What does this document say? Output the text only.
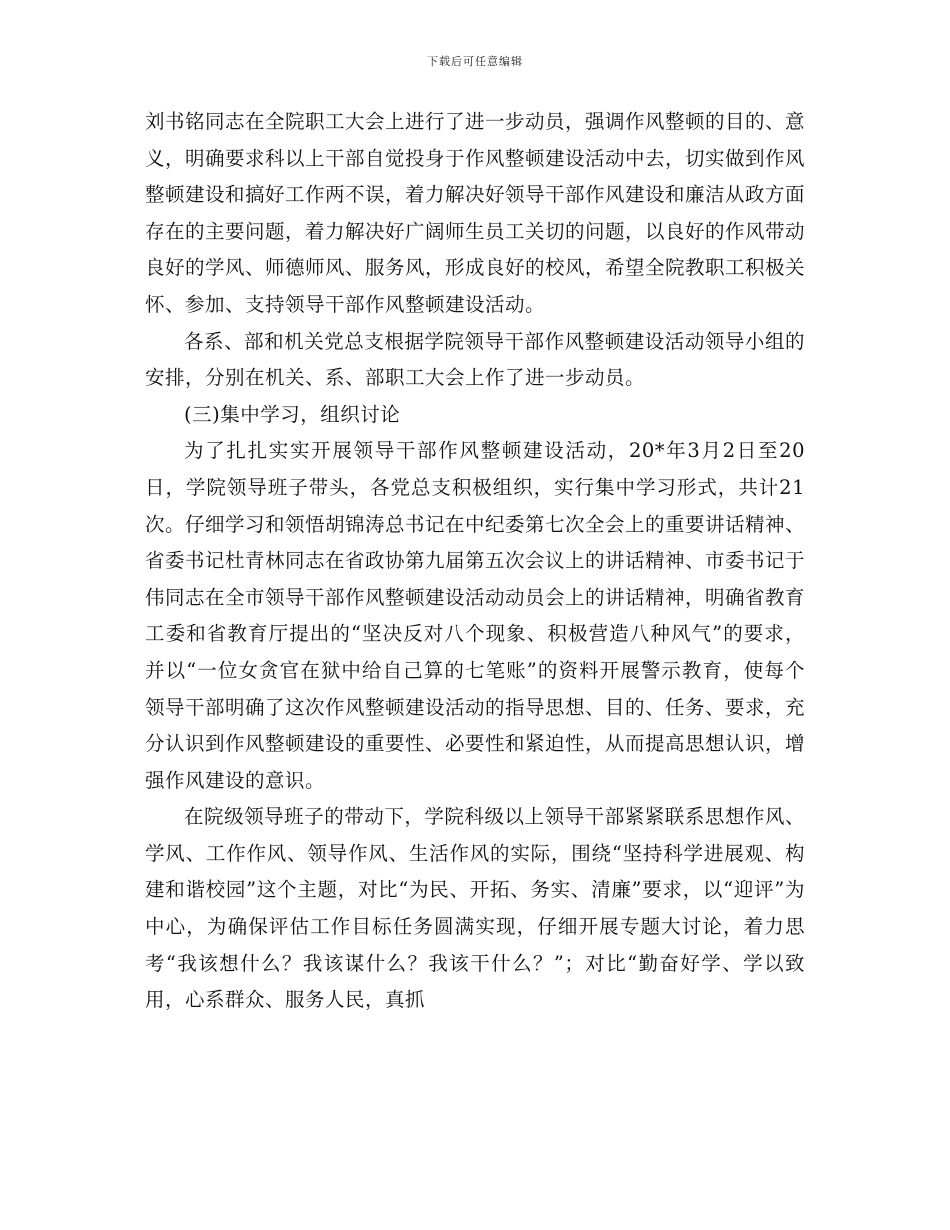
下载后可任意编辑

刘书铭同志在全院职工大会上进行了进一步动员，强调作风整顿的目的、意义，明确要求科以上干部自觉投身于作风整顿建设活动中去，切实做到作风整顿建设和搞好工作两不误，着力解决好领导干部作风建设和廉洁从政方面存在的主要问题，着力解决好广阔师生员工关切的问题，以良好的作风带动良好的学风、师德师风、服务风，形成良好的校风，希望全院教职工积极关怀、参加、支持领导干部作风整顿建设活动。

各系、部和机关党总支根据学院领导干部作风整顿建设活动领导小组的安排，分别在机关、系、部职工大会上作了进一步动员。

(三)集中学习，组织讨论

为了扎扎实实开展领导干部作风整顿建设活动，20*年3月2日至20日，学院领导班子带头，各党总支积极组织，实行集中学习形式，共计21次。仔细学习和领悟胡锦涛总书记在中纪委第七次全会上的重要讲话精神、省委书记杜青林同志在省政协第九届第五次会议上的讲话精神、市委书记于伟同志在全市领导干部作风整顿建设活动动员会上的讲话精神，明确省教育工委和省教育厅提出的“坚决反对八个现象、积极营造八种风气”的要求，并以“一位女贪官在狱中给自己算的七笔账”的资料开展警示教育，使每个领导干部明确了这次作风整顿建设活动的指导思想、目的、任务、要求，充分认识到作风整顿建设的重要性、必要性和紧迫性，从而提高思想认识，增强作风建设的意识。

在院级领导班子的带动下，学院科级以上领导干部紧紧联系思想作风、学风、工作作风、领导作风、生活作风的实际，围绕“坚持科学进展观、构建和谐校园”这个主题，对比“为民、开拓、务实、清廉”要求，以“迎评”为中心，为确保评估工作目标任务圆满实现，仔细开展专题大讨论，着力思考“我该想什么？我该谋什么？我该干什么？”；对比“勤奋好学、学以致用，心系群众、服务人民，真抓
